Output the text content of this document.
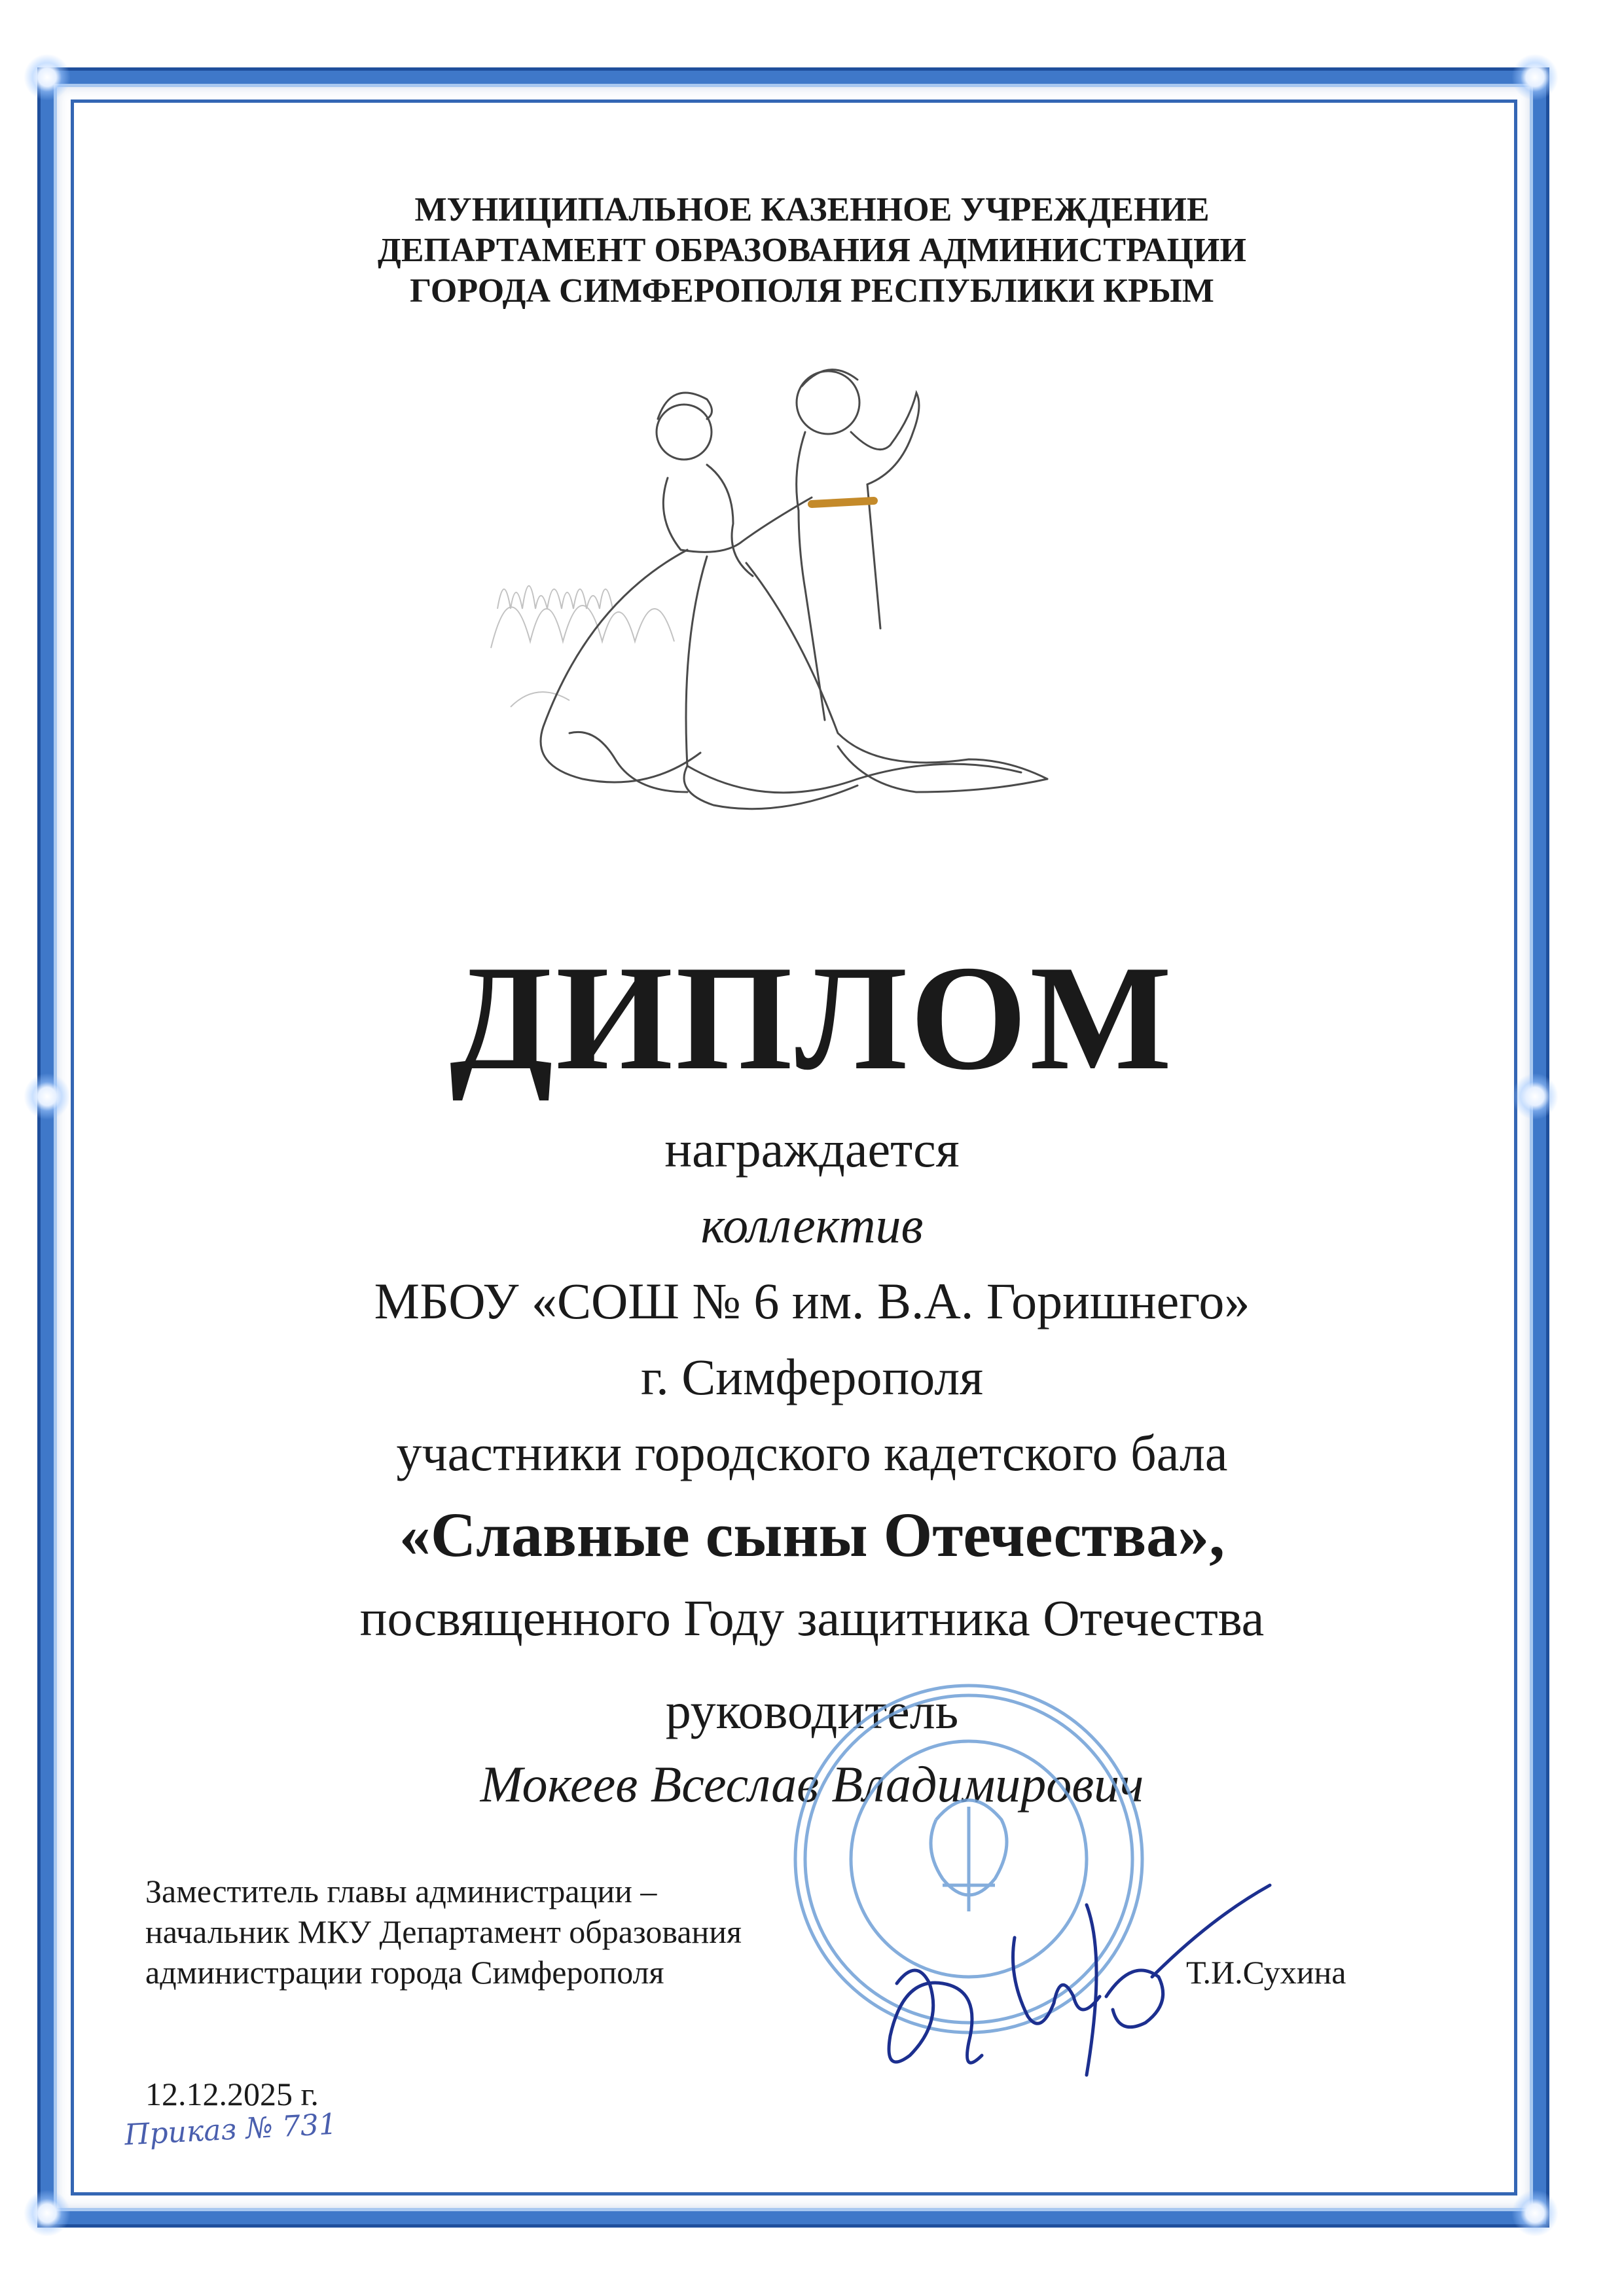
МУНИЦИПАЛЬНОЕ КАЗЕННОЕ УЧРЕЖДЕНИЕ
ДЕПАРТАМЕНТ ОБРАЗОВАНИЯ АДМИНИСТРАЦИИ
ГОРОДА СИМФЕРОПОЛЯ РЕСПУБЛИКИ КРЫМ
ДИПЛОМ
награждается
коллектив
МБОУ «СОШ № 6 им. В.А. Горишнего»
г. Симферополя
участники городского кадетского бала
«Славные сыны Отечества»,
посвященного Году защитника Отечества
руководитель
Мокеев Всеслав Владимирович
Заместитель главы администрации –
начальник МКУ Департамент образования
администрации города Симферополя	Т.И.Сухина
12.12.2025 г.
Приказ № 731
